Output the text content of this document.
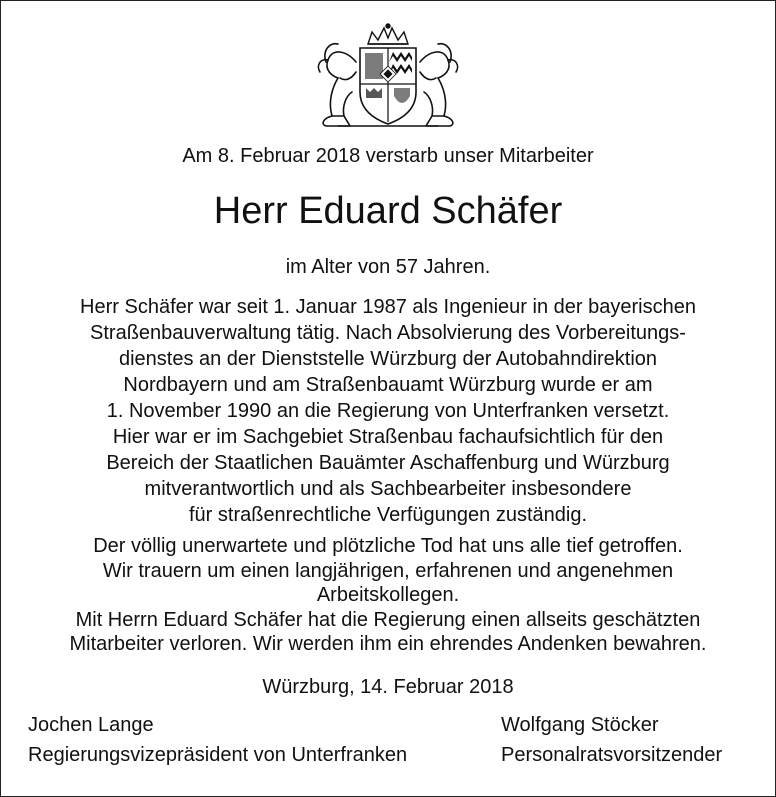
Am 8. Februar 2018 verstarb unser Mitarbeiter
Herr Eduard Schäfer
im Alter von 57 Jahren.
Herr Schäfer war seit 1. Januar 1987 als Ingenieur in der bayerischen
Straßenbauverwaltung tätig. Nach Absolvierung des Vorbereitungs-
dienstes an der Dienststelle Würzburg der Autobahndirektion
Nordbayern und am Straßenbauamt Würzburg wurde er am
1. November 1990 an die Regierung von Unterfranken versetzt.
Hier war er im Sachgebiet Straßenbau fachaufsichtlich für den
Bereich der Staatlichen Bauämter Aschaffenburg und Würzburg
mitverantwortlich und als Sachbearbeiter insbesondere
für straßenrechtliche Verfügungen zuständig.
Der völlig unerwartete und plötzliche Tod hat uns alle tief getroffen.
Wir trauern um einen langjährigen, erfahrenen und angenehmen
Arbeitskollegen.
Mit Herrn Eduard Schäfer hat die Regierung einen allseits geschätzten
Mitarbeiter verloren. Wir werden ihm ein ehrendes Andenken bewahren.
Würzburg, 14. Februar 2018
Jochen Lange
Regierungsvizepräsident von Unterfranken
Wolfgang Stöcker
Personalratsvorsitzender
